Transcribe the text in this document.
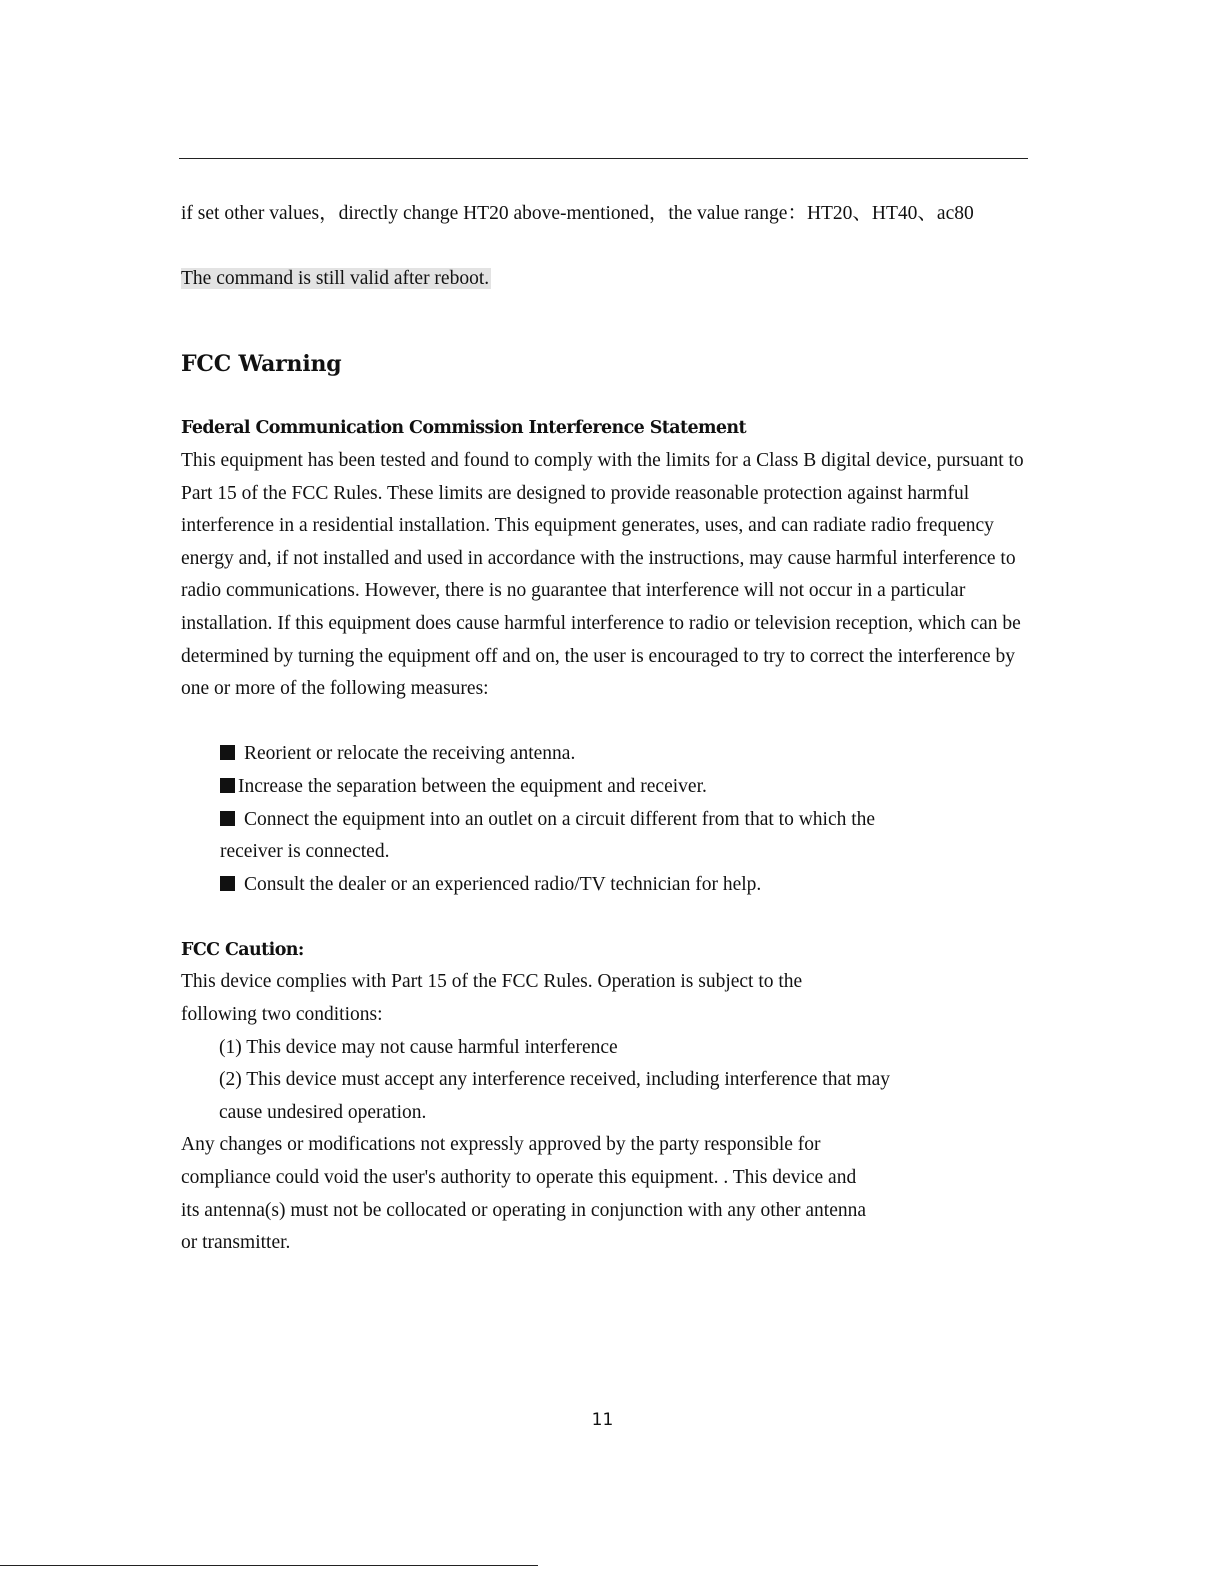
if set other values，directly change HT20 above-mentioned，the value range：HT20、HT40、ac80

The command is still valid after reboot.

FCC Warning
Federal Communication Commission Interference Statement

This equipment has been tested and found to comply with the limits for a Class B digital device, pursuant to Part 15 of the FCC Rules. These limits are designed to provide reasonable protection against harmful interference in a residential installation. This equipment generates, uses, and can radiate radio frequency energy and, if not installed and used in accordance with the instructions, may cause harmful interference to radio communications. However, there is no guarantee that interference will not occur in a particular installation. If this equipment does cause harmful interference to radio or television reception, which can be determined by turning the equipment off and on, the user is encouraged to try to correct the interference by one or more of the following measures:

Reorient or relocate the receiving antenna.
Increase the separation between the equipment and receiver.
Connect the equipment into an outlet on a circuit different from that to which the receiver is connected.
Consult the dealer or an experienced radio/TV technician for help.
FCC Caution:

This device complies with Part 15 of the FCC Rules. Operation is subject to the following two conditions:

(1) This device may not cause harmful interference

(2) This device must accept any interference received, including interference that may cause undesired operation.

Any changes or modifications not expressly approved by the party responsible for compliance could void the user's authority to operate this equipment. . This device and its antenna(s) must not be collocated or operating in conjunction with any other antenna or transmitter.

11
